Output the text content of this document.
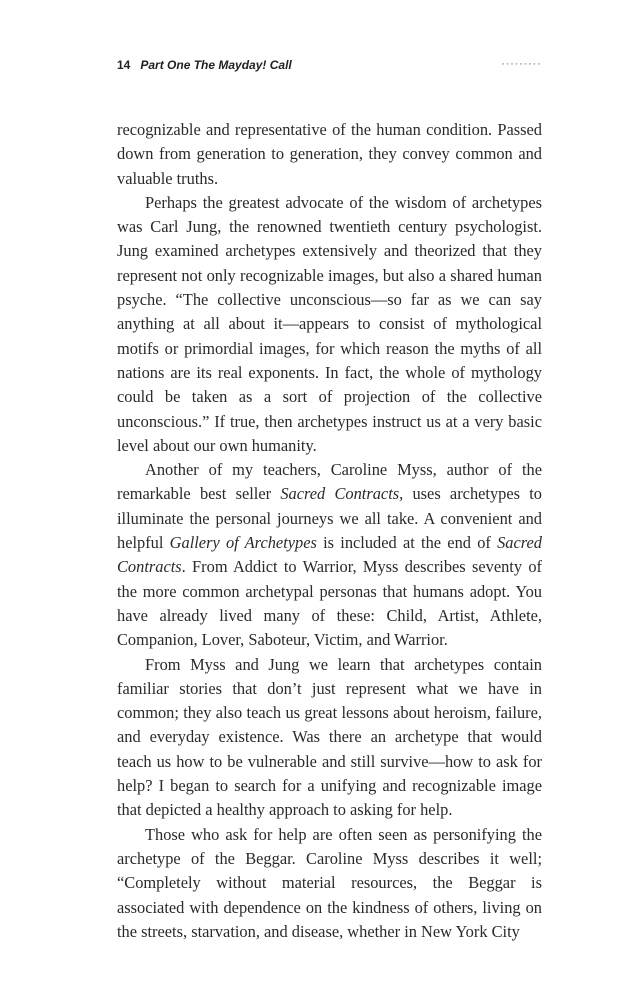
14 Part One The Mayday! Call	◦◦◦◦◦◦◦◦◦

recognizable and representative of the human condition. Passed down from generation to generation, they convey common and valuable truths.

Perhaps the greatest advocate of the wisdom of archetypes was Carl Jung, the renowned twentieth century psychologist. Jung examined archetypes extensively and theorized that they represent not only recognizable images, but also a shared human psyche. “The collective unconscious—so far as we can say anything at all about it—appears to consist of mythological motifs or primordial images, for which reason the myths of all nations are its real exponents. In fact, the whole of mythology could be taken as a sort of projection of the collective unconscious.” If true, then archetypes instruct us at a very basic level about our own humanity.

Another of my teachers, Caroline Myss, author of the remarkable best seller Sacred Contracts, uses archetypes to illuminate the personal journeys we all take. A convenient and helpful Gallery of Archetypes is included at the end of Sacred Contracts. From Addict to Warrior, Myss describes seventy of the more common archetypal personas that humans adopt. You have already lived many of these: Child, Artist, Athlete, Companion, Lover, Saboteur, Victim, and Warrior.

From Myss and Jung we learn that archetypes contain familiar stories that don’t just represent what we have in common; they also teach us great lessons about heroism, failure, and everyday existence. Was there an archetype that would teach us how to be vulnerable and still survive—how to ask for help? I began to search for a unifying and recognizable image that depicted a healthy approach to asking for help.

Those who ask for help are often seen as personifying the archetype of the Beggar. Caroline Myss describes it well; “Completely without material resources, the Beggar is associated with dependence on the kindness of others, living on the streets, starvation, and disease, whether in New York City
